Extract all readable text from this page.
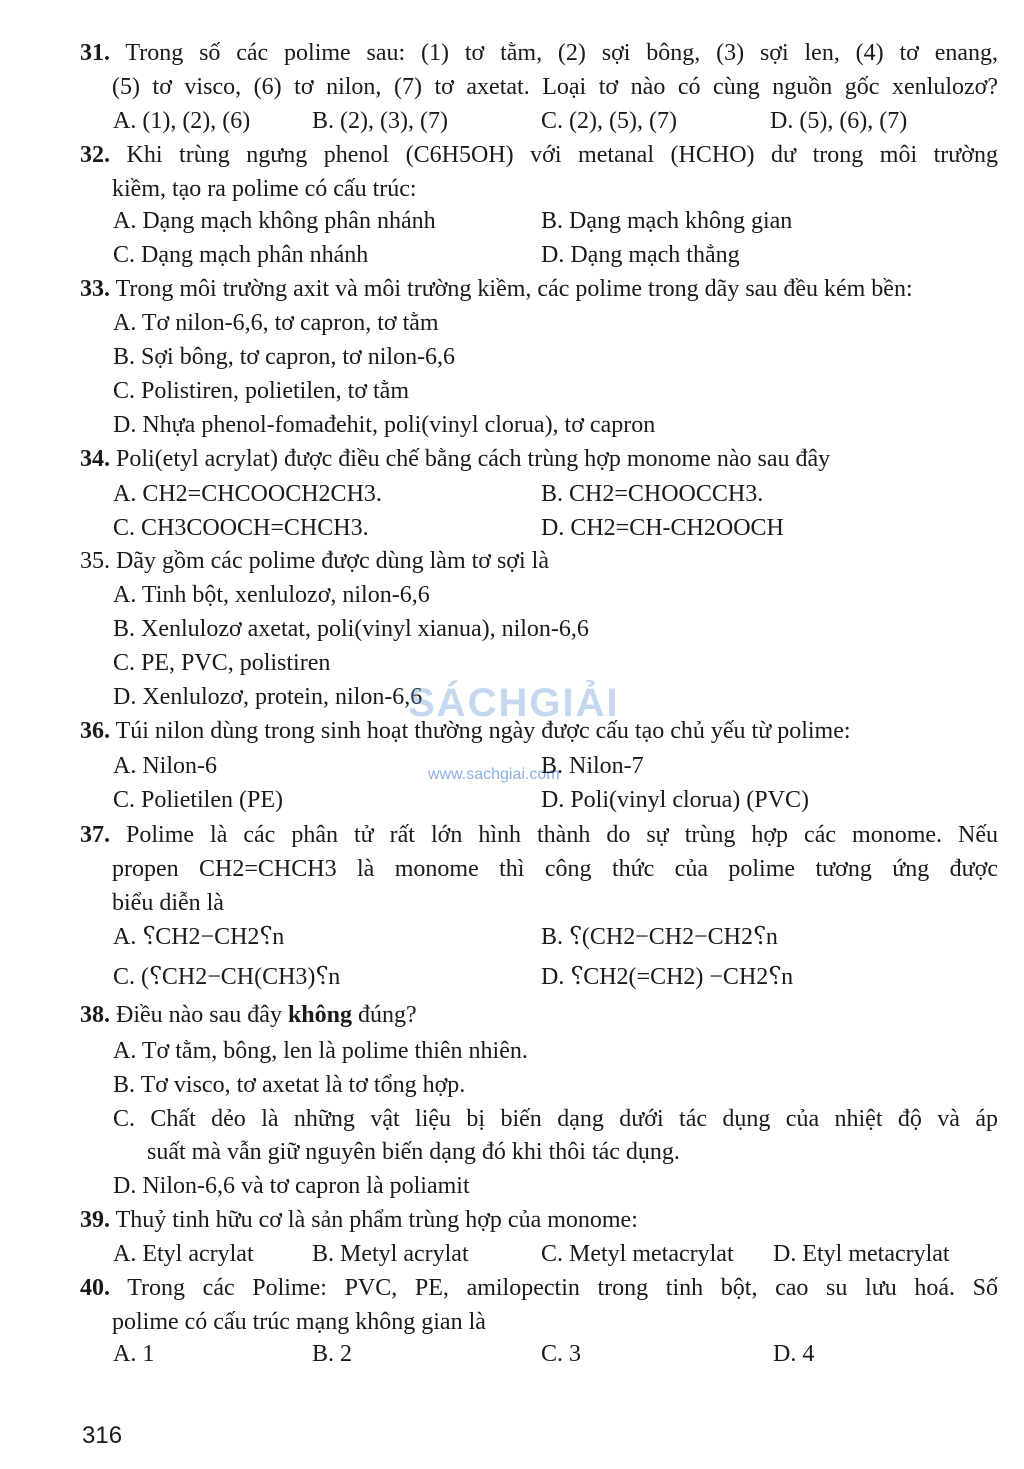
31. Trong số các polime sau: (1) tơ tằm, (2) sợi bông, (3) sợi len, (4) tơ enang,
(5) tơ visco, (6) tơ nilon, (7) tơ axetat. Loại tơ nào có cùng nguồn gốc xenlulozơ?
A. (1), (2), (6)	B. (2), (3), (7)	C. (2), (5), (7)	D. (5), (6), (7)
32. Khi trùng ngưng phenol (C6H5OH) với metanal (HCHO) dư trong môi trường
kiềm, tạo ra polime có cấu trúc:
A. Dạng mạch không phân nhánh	B. Dạng mạch không gian
C. Dạng mạch phân nhánh	D. Dạng mạch thẳng
33. Trong môi trường axit và môi trường kiềm, các polime trong dãy sau đều kém bền:
A. Tơ nilon-6,6, tơ capron, tơ tằm
B. Sợi bông, tơ capron, tơ nilon-6,6
C. Polistiren, polietilen, tơ tằm
D. Nhựa phenol-fomađehit, poli(vinyl clorua), tơ capron
34. Poli(etyl acrylat) được điều chế bằng cách trùng hợp monome nào sau đây
A. CH2=CHCOOCH2CH3.	B. CH2=CHOOCCH3.
C. CH3COOCH=CHCH3.	D. CH2=CH-CH2OOCH
35. Dãy gồm các polime được dùng làm tơ sợi là
A. Tinh bột, xenlulozơ, nilon-6,6
B. Xenlulozơ axetat, poli(vinyl xianua), nilon-6,6
C. PE, PVC, polistiren
D. Xenlulozơ, protein, nilon-6,6
SÁCHGIẢI
www.sachgiai.com
36. Túi nilon dùng trong sinh hoạt thường ngày được cấu tạo chủ yếu từ polime:
A. Nilon-6	B. Nilon-7
C. Polietilen (PE)	D. Poli(vinyl clorua) (PVC)
37. Polime là các phân tử rất lớn hình thành do sự trùng hợp các monome. Nếu
propen CH2=CHCH3 là monome thì công thức của polime tương ứng được
biểu diễn là
A. ⸮CH2−CH2⸮n	B. ⸮(CH2−CH2−CH2⸮n
C. (⸮CH2−CH(CH3)⸮n	D. ⸮CH2(=CH2) −CH2⸮n
38. Điều nào sau đây không đúng?
A. Tơ tằm, bông, len là polime thiên nhiên.
B. Tơ visco, tơ axetat là tơ tổng hợp.
C. Chất dẻo là những vật liệu bị biến dạng dưới tác dụng của nhiệt độ và áp
suất mà vẫn giữ nguyên biến dạng đó khi thôi tác dụng.
D. Nilon-6,6 và tơ capron là poliamit
39. Thuỷ tinh hữu cơ là sản phẩm trùng hợp của monome:
A. Etyl acrylat B. Metyl acrylat	C. Metyl metacrylat D. Etyl metacrylat
40. Trong các Polime: PVC, PE, amilopectin trong tinh bột, cao su lưu hoá. Số
polime có cấu trúc mạng không gian là
A. 1	B. 2	C. 3	D. 4
316
